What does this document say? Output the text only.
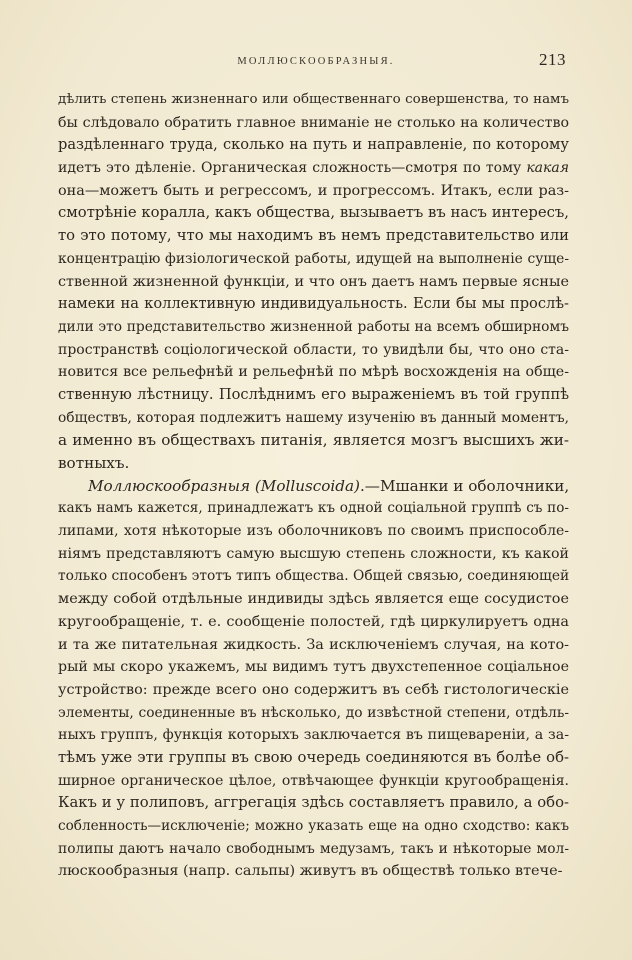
МОЛЛЮСКООБРАЗНЫЯ.	213
дѣлить степень жизненнаго или общественнаго совершенства, то намъ
бы слѣдовало обратить главное вниманіе не столько на количество
раздѣленнаго труда, сколько на путь и направленіе, по которому
идетъ это дѣленіе. Органическая сложность—смотря по тому какая
она—можетъ быть и регрессомъ, и прогрессомъ. Итакъ, если раз-
смотрѣніе коралла, какъ общества, вызываетъ въ насъ интересъ,
то это потому, что мы находимъ въ немъ представительство или
концентрацію физіологической работы, идущей на выполненіе суще-
ственной жизненной функціи, и что онъ даетъ намъ первые ясные
намеки на коллективную индивидуальность. Если бы мы прослѣ-
дили это представительство жизненной работы на всемъ обширномъ
пространствѣ соціологической области, то увидѣли бы, что оно ста-
новится все рельефнѣй и рельефнѣй по мѣрѣ восхожденія на обще-
ственную лѣстницу. Послѣднимъ его выраженіемъ въ той группѣ
обществъ, которая подлежитъ нашему изученію въ данный моментъ,
а именно въ обществахъ питанія, является мозгъ высшихъ жи-
вотныхъ.
Моллюскообразныя (Molluscoida).—Мшанки и оболочники,
какъ намъ кажется, принадлежатъ къ одной соціальной группѣ съ по-
липами, хотя нѣкоторые изъ оболочниковъ по своимъ приспособле-
ніямъ представляютъ самую высшую степень сложности, къ какой
только способенъ этотъ типъ общества. Общей связью, соединяющей
между собой отдѣльные индивиды здѣсь является еще сосудистое
кругообращеніе, т. е. сообщеніе полостей, гдѣ циркулируетъ одна
и та же питательная жидкость. За исключеніемъ случая, на кото-
рый мы скоро укажемъ, мы видимъ тутъ двухстепенное соціальное
устройство: прежде всего оно содержитъ въ себѣ гистологическіе
элементы, соединенные въ нѣсколько, до извѣстной степени, отдѣль-
ныхъ группъ, функція которыхъ заключается въ пищевареніи, а за-
тѣмъ уже эти группы въ свою очередь соединяются въ болѣе об-
ширное органическое цѣлое, отвѣчающее функціи кругообращенія.
Какъ и у полиповъ, аггрегація здѣсь составляетъ правило, а обо-
собленность—исключеніе; можно указать еще на одно сходство: какъ
полипы даютъ начало свободнымъ медузамъ, такъ и нѣкоторые мол-
люскообразныя (напр. сальпы) живутъ въ обществѣ только втече-
